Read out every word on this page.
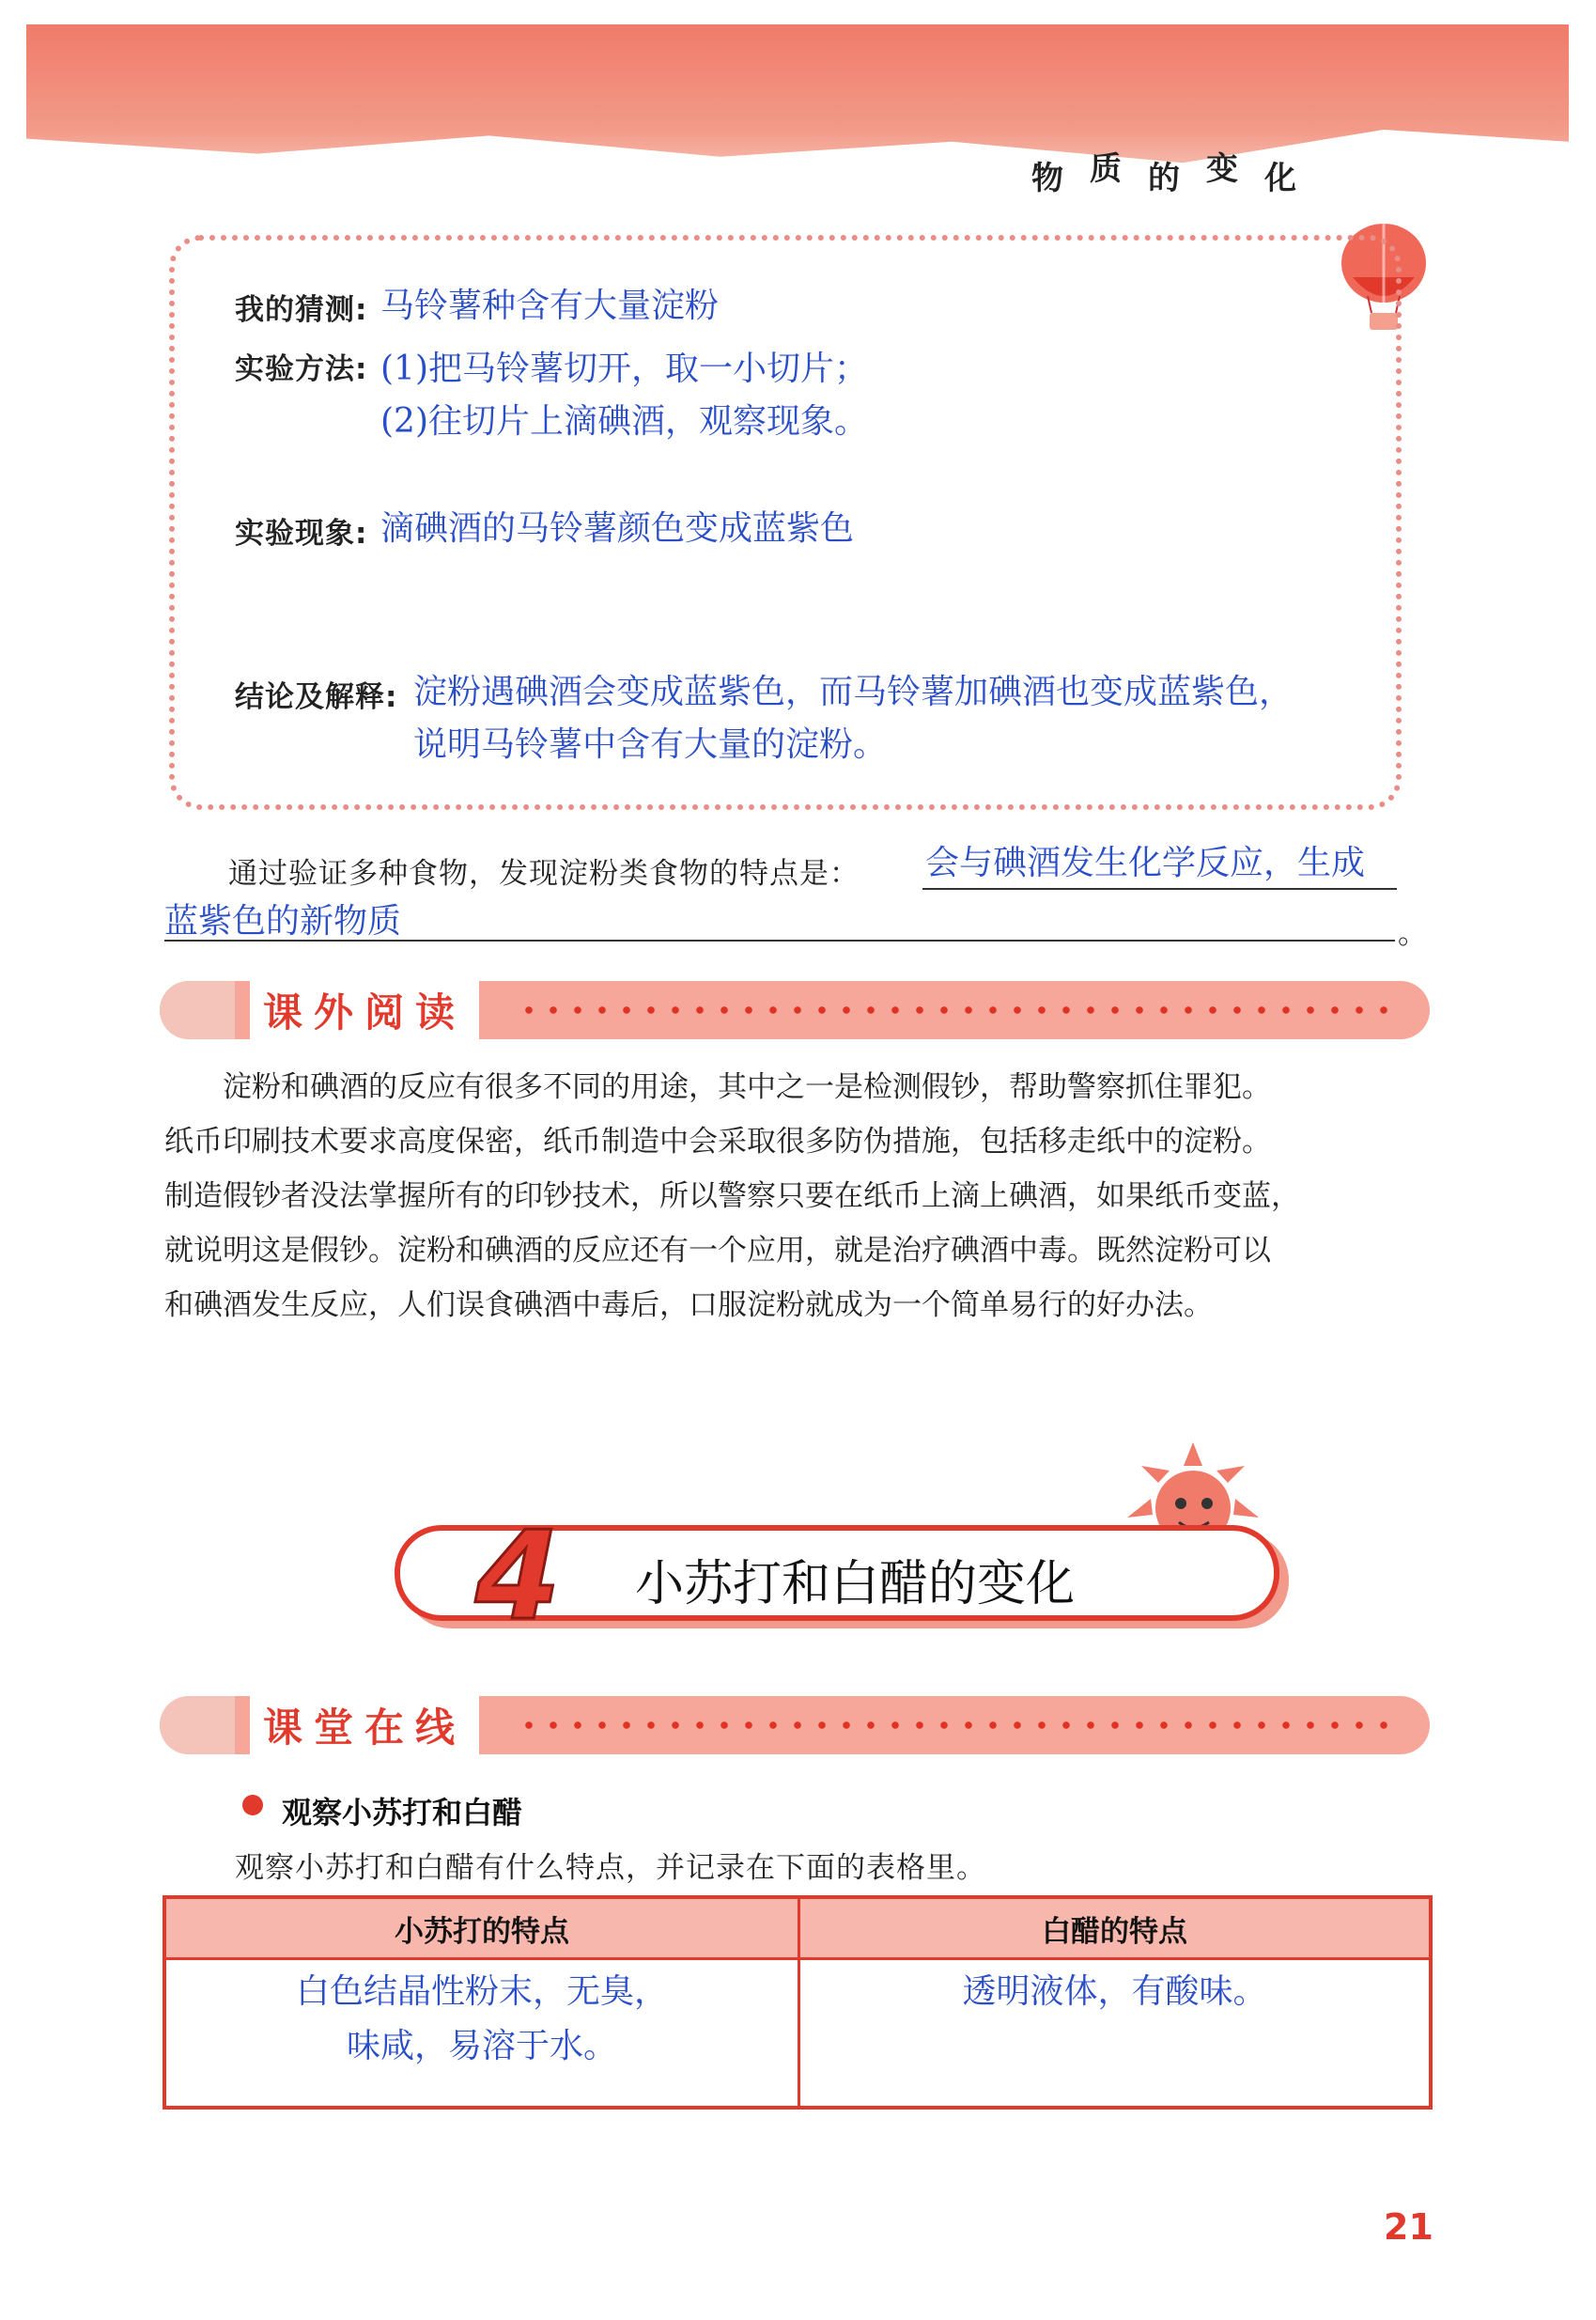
物 质 的 变 化
我的猜测: 马铃薯种含有大量淀粉
实验方法: (1)把马铃薯切开，取一小切片；
(2)往切片上滴碘酒，观察现象。
实验现象: 滴碘酒的马铃薯颜色变成蓝紫色
结论及解释: 淀粉遇碘酒会变成蓝紫色，而马铃薯加碘酒也变成蓝紫色，
说明马铃薯中含有大量的淀粉。
通过验证多种食物，发现淀粉类食物的特点是： 会与碘酒发生化学反应，生成
蓝紫色的新物质	。
课外阅读

淀粉和碘酒的反应有很多不同的用途，其中之一是检测假钞，帮助警察抓住罪犯。

纸币印刷技术要求高度保密，纸币制造中会采取很多防伪措施，包括移走纸中的淀粉。

制造假钞者没法掌握所有的印钞技术，所以警察只要在纸币上滴上碘酒，如果纸币变蓝，

就说明这是假钞。淀粉和碘酒的反应还有一个应用，就是治疗碘酒中毒。既然淀粉可以

和碘酒发生反应，人们误食碘酒中毒后，口服淀粉就成为一个简单易行的好办法。

4 小苏打和白醋的变化
课堂在线
观察小苏打和白醋
观察小苏打和白醋有什么特点，并记录在下面的表格里。
小苏打的特点	白醋的特点
白色结晶性粉末，无臭，
味咸，易溶于水。
透明液体，有酸味。
21
